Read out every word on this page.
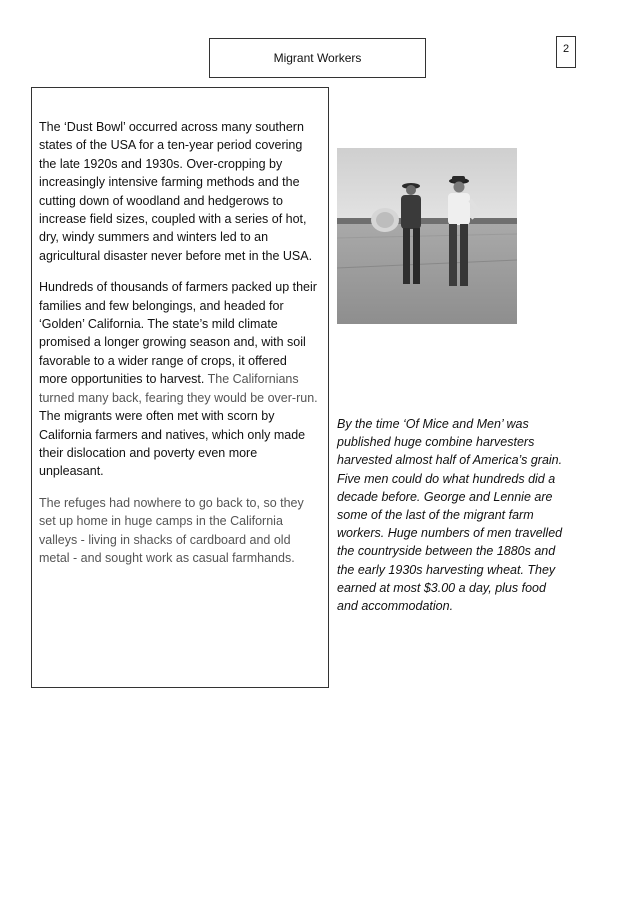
Migrant Workers
2

The ‘Dust Bowl’ occurred across many southern states of the USA for a ten-year period covering the late 1920s and 1930s. Over-cropping by increasingly intensive farming methods and the cutting down of woodland and hedgerows to increase field sizes, coupled with a series of hot, dry, windy summers and winters led to an agricultural disaster never before met in the USA.

Hundreds of thousands of farmers packed up their families and few belongings, and headed for ‘Golden’ California. The state’s mild climate promised a longer growing season and, with soil favorable to a wider range of crops, it offered more opportunities to harvest. The Californians turned many back, fearing they would be over-run. The migrants were often met with scorn by California farmers and natives, which only made their dislocation and poverty even more unpleasant.

The refuges had nowhere to go back to, so they set up home in huge camps in the California valleys - living in shacks of cardboard and old metal - and sought work as casual farmhands.

By the time ‘Of Mice and Men’ was published huge combine harvesters harvested almost half of America’s grain. Five men could do what hundreds did a decade before. George and Lennie are some of the last of the migrant farm workers. Huge numbers of men travelled the countryside between the 1880s and the early 1930s harvesting wheat. They earned at most $3.00 a day, plus food and accommodation.
